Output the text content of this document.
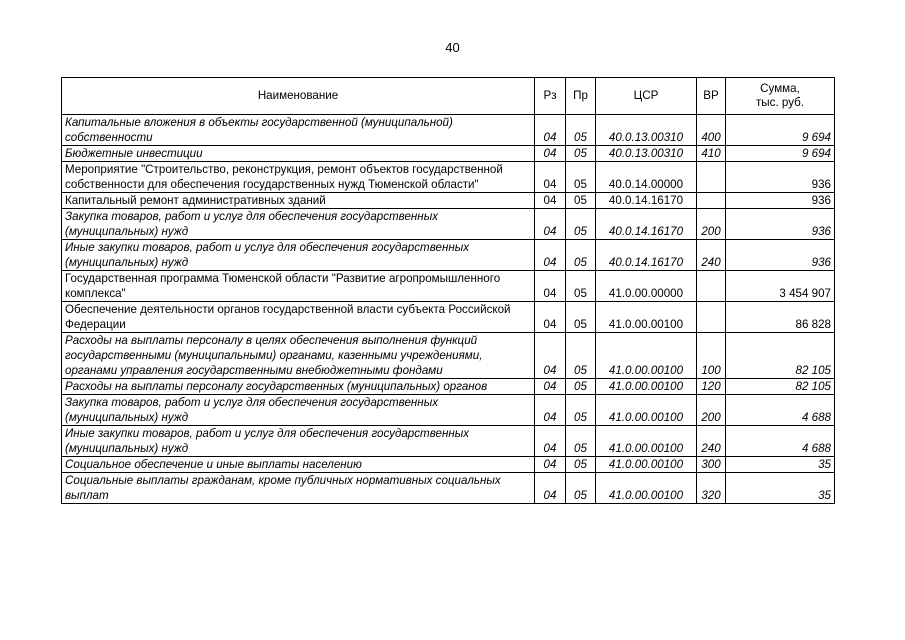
40
Наименование	Рз	Пр	ЦСР	ВР	Сумма,
тыс. руб.
Капитальные вложения в объекты государственной (муниципальной) собственности	04	05	40.0.13.00310	400	9 694
Бюджетные инвестиции	04	05	40.0.13.00310	410	9 694
Мероприятие "Строительство, реконструкция, ремонт объектов государственной собственности для обеспечения государственных нужд Тюменской области"	04	05	40.0.14.00000		936
Капитальный ремонт административных зданий	04	05	40.0.14.16170		936
Закупка товаров, работ и услуг для обеспечения государственных (муниципальных) нужд	04	05	40.0.14.16170	200	936
Иные закупки товаров, работ и услуг для обеспечения государственных (муниципальных) нужд	04	05	40.0.14.16170	240	936
Государственная программа Тюменской области "Развитие агропромышленного комплекса"	04	05	41.0.00.00000		3 454 907
Обеспечение деятельности органов государственной власти субъекта Российской Федерации	04	05	41.0.00.00100		86 828
Расходы на выплаты персоналу в целях обеспечения выполнения функций государственными (муниципальными) органами, казенными учреждениями, органами управления государственными внебюджетными фондами	04	05	41.0.00.00100	100	82 105
Расходы на выплаты персоналу государственных (муниципальных) органов	04	05	41.0.00.00100	120	82 105
Закупка товаров, работ и услуг для обеспечения государственных (муниципальных) нужд	04	05	41.0.00.00100	200	4 688
Иные закупки товаров, работ и услуг для обеспечения государственных (муниципальных) нужд	04	05	41.0.00.00100	240	4 688
Социальное обеспечение и иные выплаты населению	04	05	41.0.00.00100	300	35
Социальные выплаты гражданам, кроме публичных нормативных социальных выплат	04	05	41.0.00.00100	320	35
